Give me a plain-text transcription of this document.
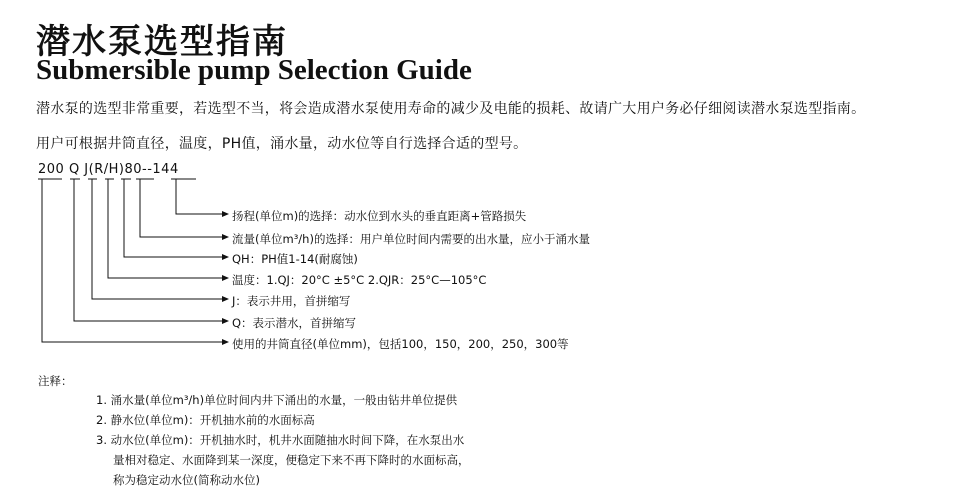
潜水泵选型指南
Submersible pump Selection Guide
潜水泵的选型非常重要，若选型不当，将会造成潜水泵使用寿命的减少及电能的损耗、故请广大用户务必仔细阅读潜水泵选型指南。
用户可根据井筒直径，温度，PH值，涌水量，动水位等自行选择合适的型号。
200 Q J(R/H)80--144
扬程(单位m)的选择：动水位到水头的垂直距离+管路损失
流量(单位m³/h)的选择：用户单位时间内需要的出水量，应小于涌水量
QH：PH值1-14(耐腐蚀)
温度：1.QJ：20°C ±5°C 2.QJR：25°C—105°C
J：表示井用，首拼缩写
Q：表示潜水，首拼缩写
使用的井筒直径(单位mm)，包括100，150，200，250，300等
注释：
1. 涌水量(单位m³/h)单位时间内井下涌出的水量，一般由钻井单位提供
2. 静水位(单位m)：开机抽水前的水面标高
3. 动水位(单位m)：开机抽水时，机井水面随抽水时间下降，在水泵出水
量相对稳定、水面降到某一深度，便稳定下来不再下降时的水面标高，
称为稳定动水位(简称动水位)
